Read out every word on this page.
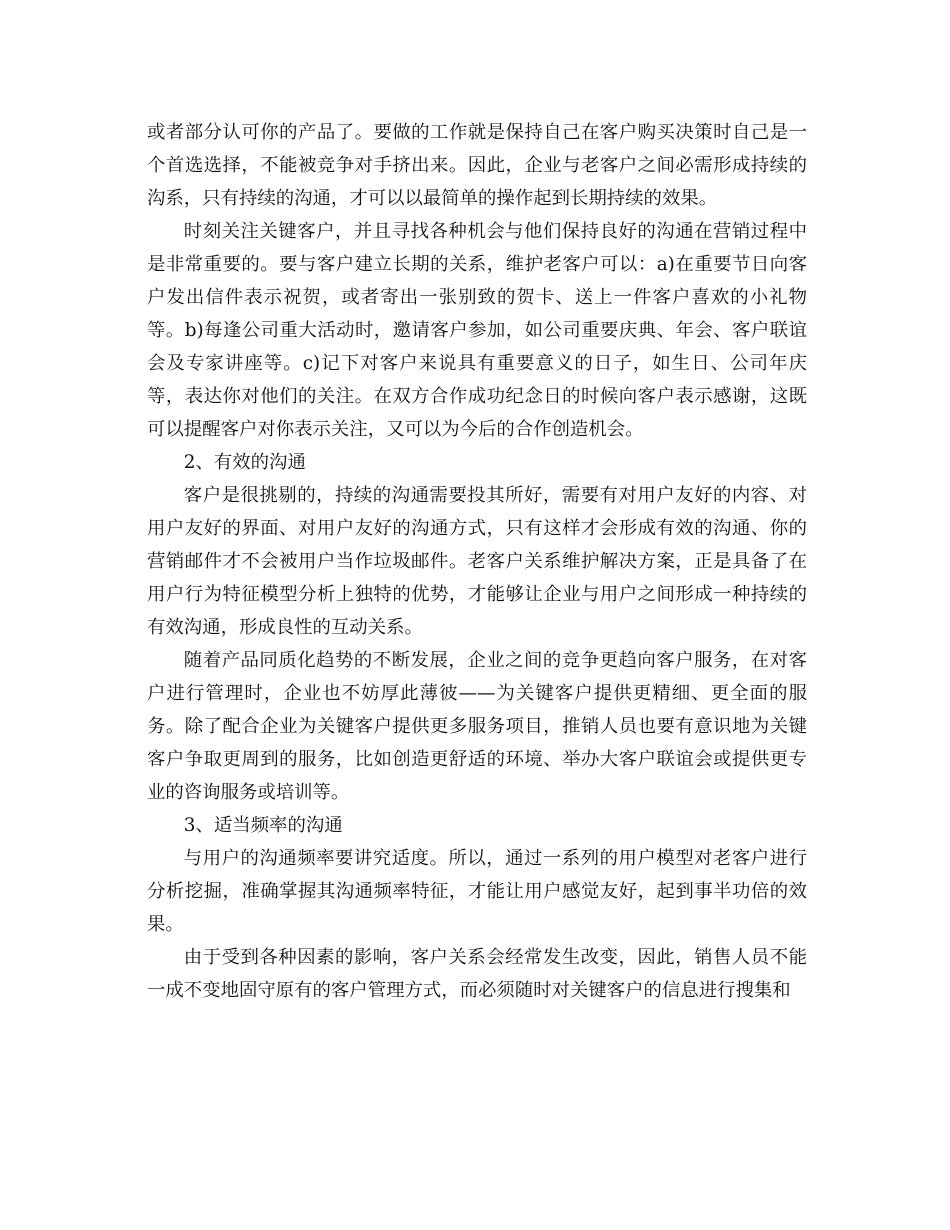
或者部分认可你的产品了。要做的工作就是保持自己在客户购买决策时自己是一个首选选择，不能被竞争对手挤出来。因此，企业与老客户之间必需形成持续的沟系，只有持续的沟通，才可以以最简单的操作起到长期持续的效果。

时刻关注关键客户，并且寻找各种机会与他们保持良好的沟通在营销过程中是非常重要的。要与客户建立长期的关系，维护老客户可以：a)在重要节日向客户发出信件表示祝贺，或者寄出一张别致的贺卡、送上一件客户喜欢的小礼物等。b)每逢公司重大活动时，邀请客户参加，如公司重要庆典、年会、客户联谊会及专家讲座等。c)记下对客户来说具有重要意义的日子，如生日、公司年庆等，表达你对他们的关注。在双方合作成功纪念日的时候向客户表示感谢，这既可以提醒客户对你表示关注，又可以为今后的合作创造机会。

2、有效的沟通

客户是很挑剔的，持续的沟通需要投其所好，需要有对用户友好的内容、对用户友好的界面、对用户友好的沟通方式，只有这样才会形成有效的沟通、你的营销邮件才不会被用户当作垃圾邮件。老客户关系维护解决方案，正是具备了在用户行为特征模型分析上独特的优势，才能够让企业与用户之间形成一种持续的有效沟通，形成良性的互动关系。

随着产品同质化趋势的不断发展，企业之间的竞争更趋向客户服务，在对客户进行管理时，企业也不妨厚此薄彼——为关键客户提供更精细、更全面的服务。除了配合企业为关键客户提供更多服务项目，推销人员也要有意识地为关键客户争取更周到的服务，比如创造更舒适的环境、举办大客户联谊会或提供更专业的咨询服务或培训等。

3、适当频率的沟通

与用户的沟通频率要讲究适度。所以，通过一系列的用户模型对老客户进行分析挖掘，准确掌握其沟通频率特征，才能让用户感觉友好，起到事半功倍的效果。

由于受到各种因素的影响，客户关系会经常发生改变，因此，销售人员不能一成不变地固守原有的客户管理方式，而必须随时对关键客户的信息进行搜集和
